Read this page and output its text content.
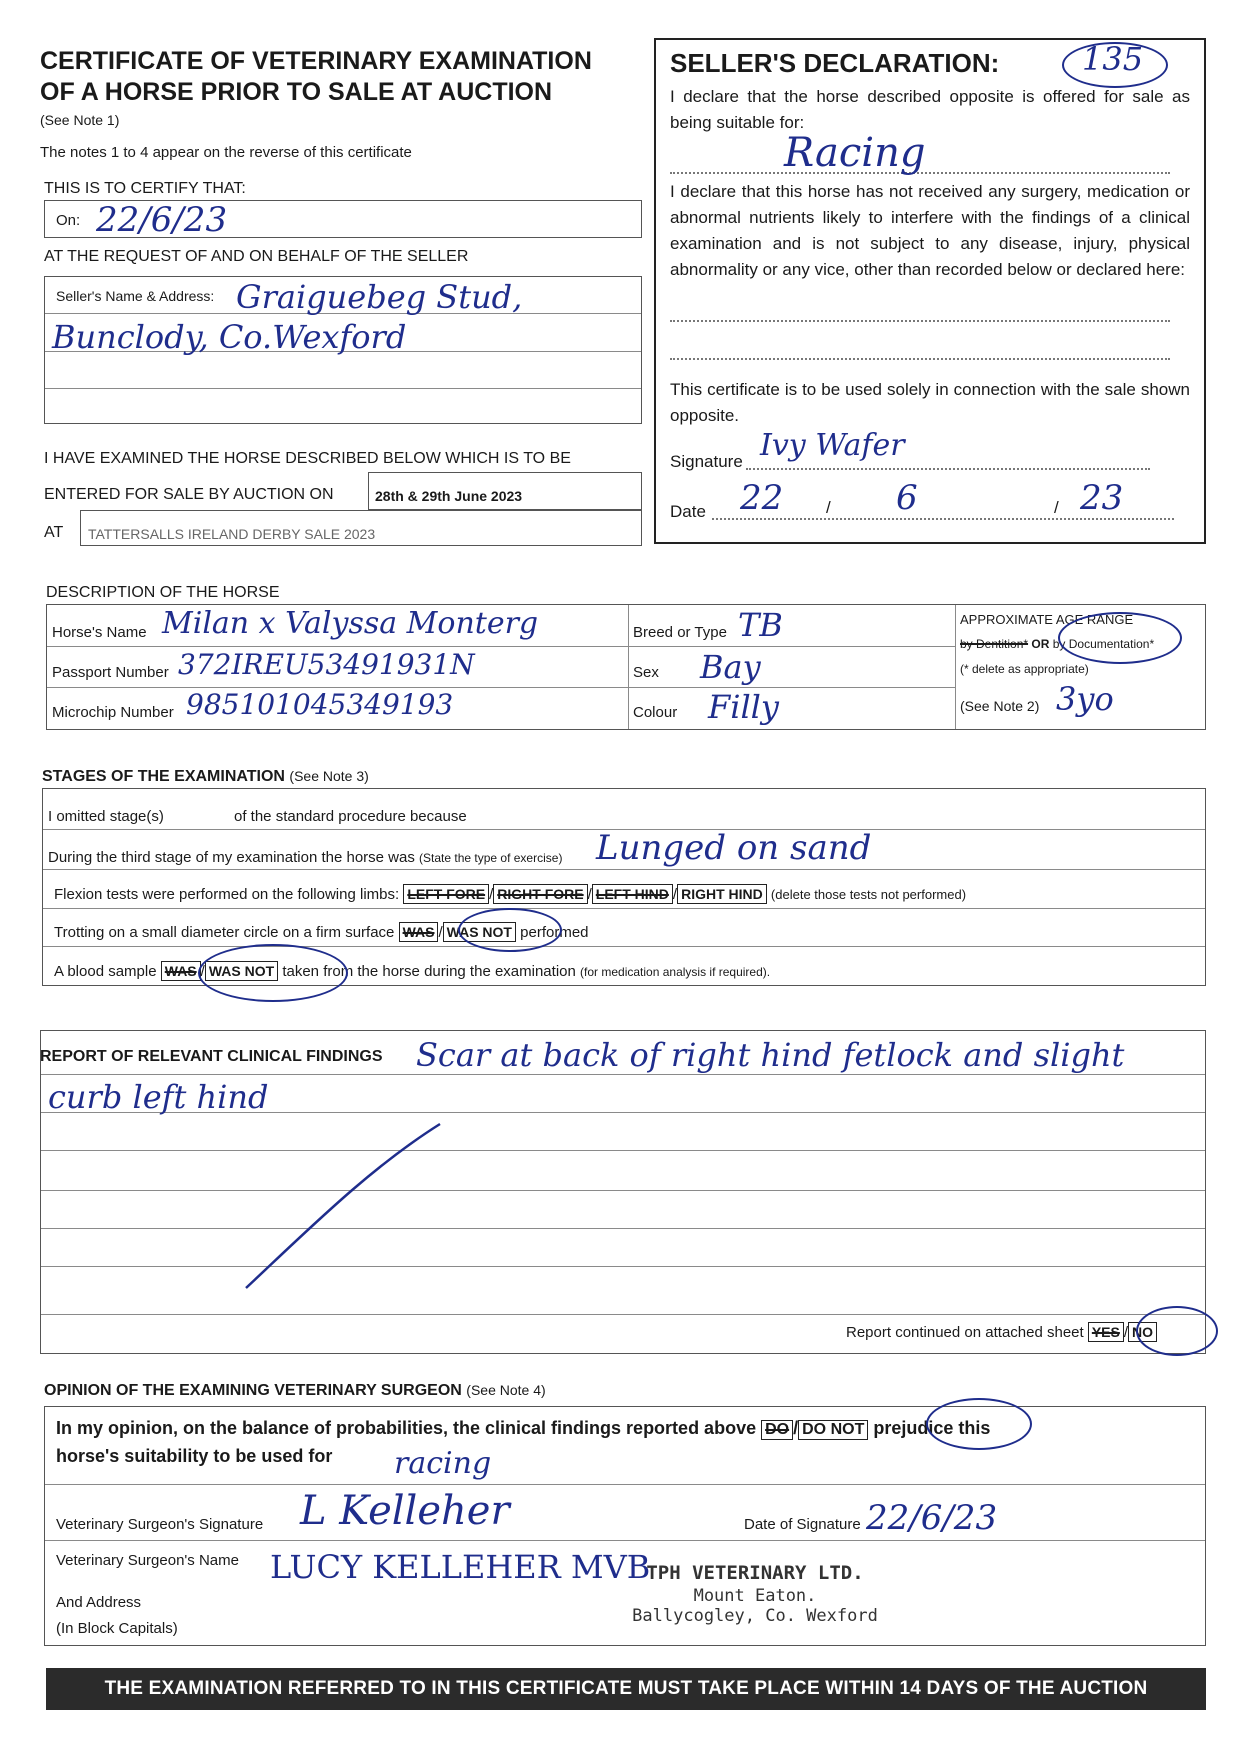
CERTIFICATE OF VETERINARY EXAMINATION
OF A HORSE PRIOR TO SALE AT AUCTION
(See Note 1)
The notes 1 to 4 appear on the reverse of this certificate
THIS IS TO CERTIFY THAT:
On: 22/6/23
AT THE REQUEST OF AND ON BEHALF OF THE SELLER
Seller's Name & Address: Graiguebeg Stud,
Bunclody, Co.Wexford
I HAVE EXAMINED THE HORSE DESCRIBED BELOW WHICH IS TO BE
ENTERED FOR SALE BY AUCTION ON	28th & 29th June 2023
AT TATTERSALLS IRELAND DERBY SALE 2023
SELLER'S DECLARATION:	135
I declare that the horse described opposite is offered for sale as being suitable for:
Racing
I declare that this horse has not received any surgery, medication or abnormal nutrients likely to interfere with the findings of a clinical examination and is not subject to any disease, injury, physical abnormality or any vice, other than recorded below or declared here:
This certificate is to be used solely in connection with the sale shown opposite.
Signature Ivy Wafer
Date 22	/ 6	/ 23
DESCRIPTION OF THE HORSE
Horse's Name Milan x Valyssa Monterg
Passport Number 372IREU53491931N
Microchip Number 985101045349193
Breed or Type TB
Sex Bay
Colour Filly
APPROXIMATE AGE RANGE
by Dentition* OR by Documentation*
(* delete as appropriate)
(See Note 2) 3yo
STAGES OF THE EXAMINATION (See Note 3)
I omitted stage(s)	of the standard procedure because
During the third stage of my examination the horse was (State the type of exercise) Lunged on sand
Flexion tests were performed on the following limbs: LEFT FORE / RIGHT FORE / LEFT HIND / RIGHT HIND (delete those tests not performed)
Trotting on a small diameter circle on a firm surface WAS / WAS NOT performed
A blood sample WAS / WAS NOT taken from the horse during the examination (for medication analysis if required).
REPORT OF RELEVANT CLINICAL FINDINGS Scar at back of right hind fetlock and slight
curb left hind
Report continued on attached sheet YES / NO
OPINION OF THE EXAMINING VETERINARY SURGEON (See Note 4)
In my opinion, on the balance of probabilities, the clinical findings reported above DO / DO NOT prejudice this
horse's suitability to be used for	racing
Veterinary Surgeon's Signature L Kelleher	Date of Signature 22/6/23
Veterinary Surgeon's Name LUCY KELLEHER MVB
And Address
(In Block Capitals)
TPH VETERINARY LTD.
Mount Eaton.
Ballycogley, Co. Wexford
THE EXAMINATION REFERRED TO IN THIS CERTIFICATE MUST TAKE PLACE WITHIN 14 DAYS OF THE AUCTION
